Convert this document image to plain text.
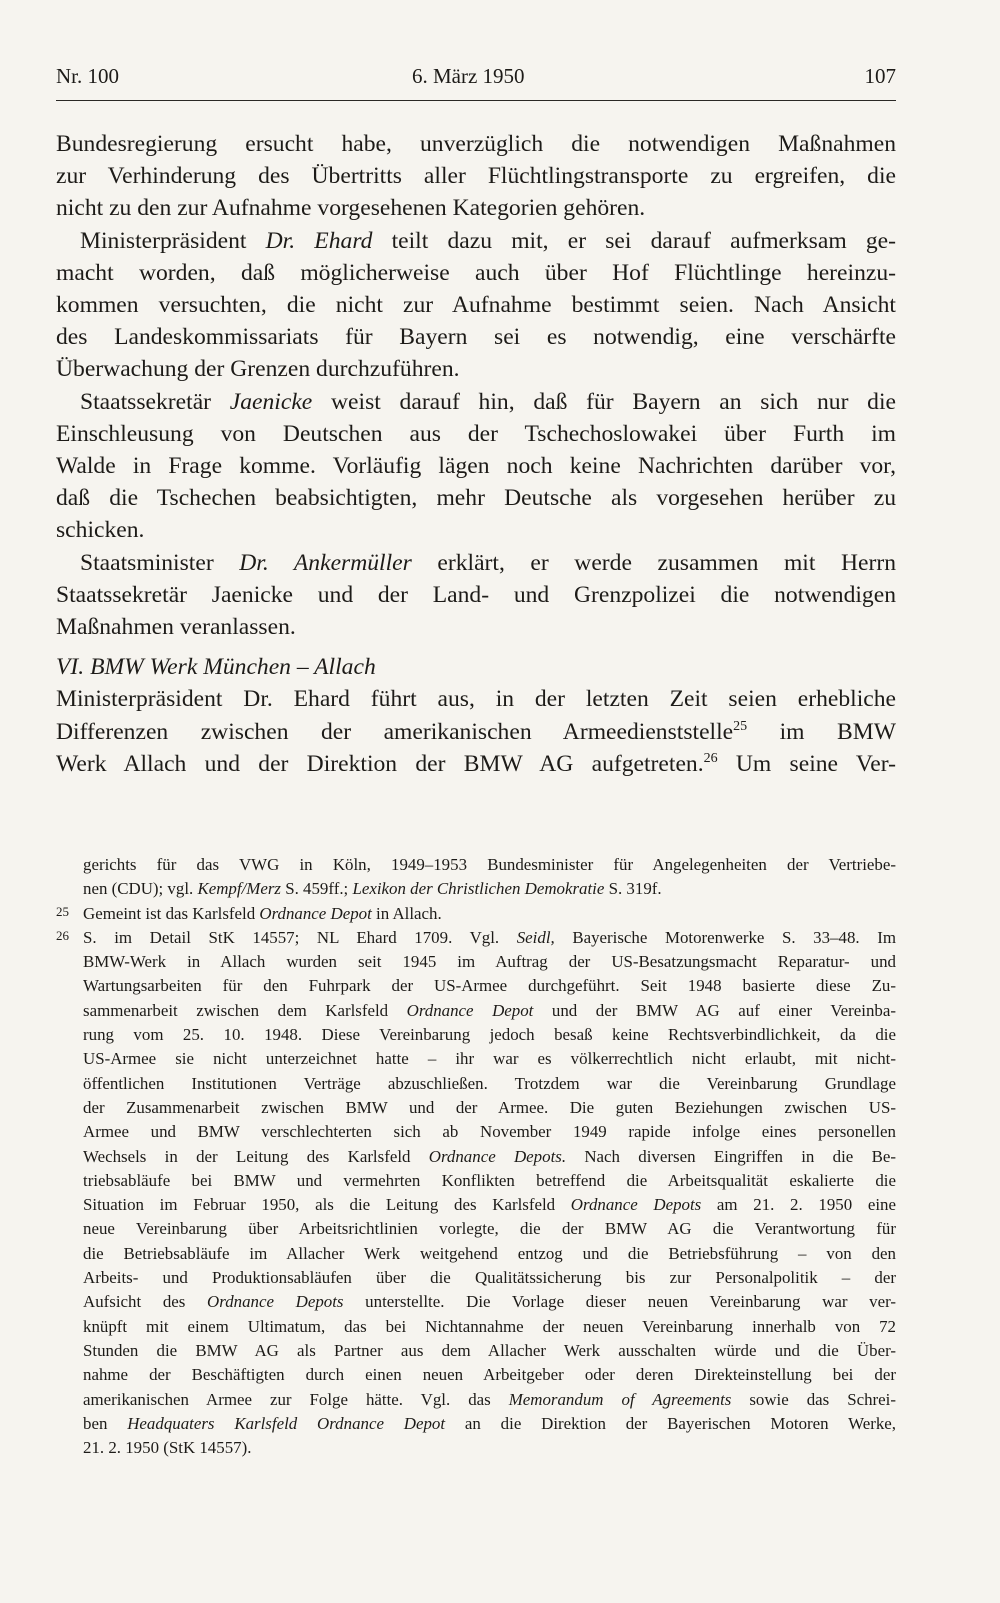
Nr. 100	6. März 1950	107

Bundesregierung ersucht habe, unverzüglich die notwendigen Maßnahmen
zur Verhinderung des Übertritts aller Flüchtlingstransporte zu ergreifen, die
nicht zu den zur Aufnahme vorgesehenen Kategorien gehören.

Ministerpräsident Dr. Ehard teilt dazu mit, er sei darauf aufmerksam ge-
macht worden, daß möglicherweise auch über Hof Flüchtlinge hereinzu-
kommen versuchten, die nicht zur Aufnahme bestimmt seien. Nach Ansicht
des Landeskommissariats für Bayern sei es notwendig, eine verschärfte
Überwachung der Grenzen durchzuführen.

Staatssekretär Jaenicke weist darauf hin, daß für Bayern an sich nur die
Einschleusung von Deutschen aus der Tschechoslowakei über Furth im
Walde in Frage komme. Vorläufig lägen noch keine Nachrichten darüber vor,
daß die Tschechen beabsichtigten, mehr Deutsche als vorgesehen herüber zu
schicken.

Staatsminister Dr. Ankermüller erklärt, er werde zusammen mit Herrn
Staatssekretär Jaenicke und der Land- und Grenzpolizei die notwendigen
Maßnahmen veranlassen.

VI. BMW Werk München – Allach

Ministerpräsident Dr. Ehard führt aus, in der letzten Zeit seien erhebliche
Differenzen zwischen der amerikanischen Armeedienststelle$^{25}$ im BMW
Werk Allach und der Direktion der BMW AG aufgetreten.$^{26}$ Um seine Ver-

gerichts für das VWG in Köln, 1949–1953 Bundesminister für Angelegenheiten der Vertriebe-
nen (CDU); vgl. Kempf/Merz S. 459ff.; Lexikon der Christlichen Demokratie S. 319f.
25 Gemeint ist das Karlsfeld Ordnance Depot in Allach.
26 S. im Detail StK 14557; NL Ehard 1709. Vgl. Seidl, Bayerische Motorenwerke S. 33–48. Im
BMW-Werk in Allach wurden seit 1945 im Auftrag der US-Besatzungsmacht Reparatur- und
Wartungsarbeiten für den Fuhrpark der US-Armee durchgeführt. Seit 1948 basierte diese Zu-
sammenarbeit zwischen dem Karlsfeld Ordnance Depot und der BMW AG auf einer Vereinba-
rung vom 25. 10. 1948. Diese Vereinbarung jedoch besaß keine Rechtsverbindlichkeit, da die
US-Armee sie nicht unterzeichnet hatte – ihr war es völkerrechtlich nicht erlaubt, mit nicht-
öffentlichen Institutionen Verträge abzuschließen. Trotzdem war die Vereinbarung Grundlage
der Zusammenarbeit zwischen BMW und der Armee. Die guten Beziehungen zwischen US-
Armee und BMW verschlechterten sich ab November 1949 rapide infolge eines personellen
Wechsels in der Leitung des Karlsfeld Ordnance Depots. Nach diversen Eingriffen in die Be-
triebsabläufe bei BMW und vermehrten Konflikten betreffend die Arbeitsqualität eskalierte die
Situation im Februar 1950, als die Leitung des Karlsfeld Ordnance Depots am 21. 2. 1950 eine
neue Vereinbarung über Arbeitsrichtlinien vorlegte, die der BMW AG die Verantwortung für
die Betriebsabläufe im Allacher Werk weitgehend entzog und die Betriebsführung – von den
Arbeits- und Produktionsabläufen über die Qualitätssicherung bis zur Personalpolitik – der
Aufsicht des Ordnance Depots unterstellte. Die Vorlage dieser neuen Vereinbarung war ver-
knüpft mit einem Ultimatum, das bei Nichtannahme der neuen Vereinbarung innerhalb von 72
Stunden die BMW AG als Partner aus dem Allacher Werk ausschalten würde und die Über-
nahme der Beschäftigten durch einen neuen Arbeitgeber oder deren Direkteinstellung bei der
amerikanischen Armee zur Folge hätte. Vgl. das Memorandum of Agreements sowie das Schrei-
ben Headquaters Karlsfeld Ordnance Depot an die Direktion der Bayerischen Motoren Werke,
21. 2. 1950 (StK 14557).
